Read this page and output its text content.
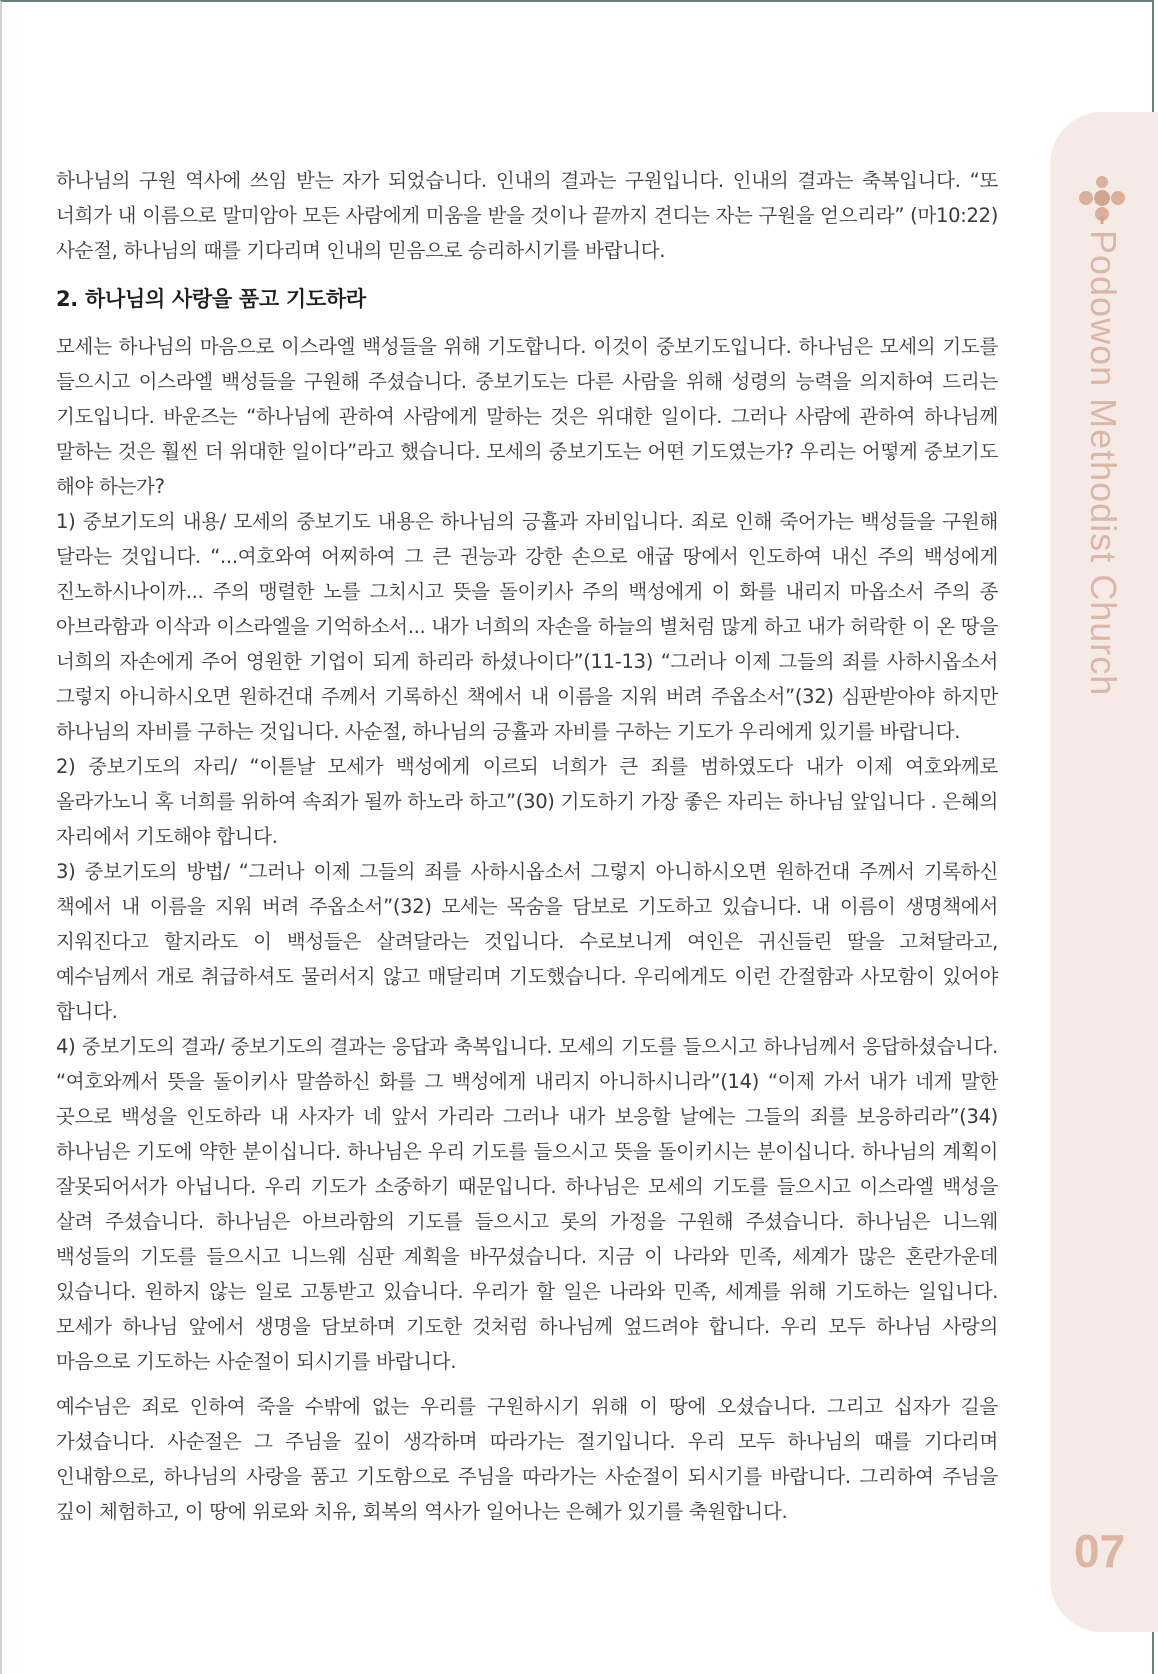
Podowon Methodist Church
07

하나님의 구원 역사에 쓰임 받는 자가 되었습니다. 인내의 결과는 구원입니다. 인내의 결과는 축복입니다. “또 너희가 내 이름으로 말미암아 모든 사람에게 미움을 받을 것이나 끝까지 견디는 자는 구원을 얻으리라” (마10:22) 사순절, 하나님의 때를 기다리며 인내의 믿음으로 승리하시기를 바랍니다.

2. 하나님의 사랑을 품고 기도하라

모세는 하나님의 마음으로 이스라엘 백성들을 위해 기도합니다. 이것이 중보기도입니다. 하나님은 모세의 기도를 들으시고 이스라엘 백성들을 구원해 주셨습니다. 중보기도는 다른 사람을 위해 성령의 능력을 의지하여 드리는 기도입니다. 바운즈는 “하나님에 관하여 사람에게 말하는 것은 위대한 일이다. 그러나 사람에 관하여 하나님께 말하는 것은 훨씬 더 위대한 일이다”라고 했습니다. 모세의 중보기도는 어떤 기도였는가? 우리는 어떻게 중보기도 해야 하는가?

1) 중보기도의 내용/ 모세의 중보기도 내용은 하나님의 긍휼과 자비입니다. 죄로 인해 죽어가는 백성들을 구원해 달라는 것입니다. “...여호와여 어찌하여 그 큰 권능과 강한 손으로 애굽 땅에서 인도하여 내신 주의 백성에게 진노하시나이까... 주의 맹렬한 노를 그치시고 뜻을 돌이키사 주의 백성에게 이 화를 내리지 마옵소서 주의 종 아브라함과 이삭과 이스라엘을 기억하소서... 내가 너희의 자손을 하늘의 별처럼 많게 하고 내가 허락한 이 온 땅을 너희의 자손에게 주어 영원한 기업이 되게 하리라 하셨나이다”(11-13) “그러나 이제 그들의 죄를 사하시옵소서 그렇지 아니하시오면 원하건대 주께서 기록하신 책에서 내 이름을 지워 버려 주옵소서”(32) 심판받아야 하지만 하나님의 자비를 구하는 것입니다. 사순절, 하나님의 긍휼과 자비를 구하는 기도가 우리에게 있기를 바랍니다.

2) 중보기도의 자리/ “이튿날 모세가 백성에게 이르되 너희가 큰 죄를 범하였도다 내가 이제 여호와께로 올라가노니 혹 너희를 위하여 속죄가 될까 하노라 하고”(30) 기도하기 가장 좋은 자리는 하나님 앞입니다 . 은혜의 자리에서 기도해야 합니다.

3) 중보기도의 방법/ “그러나 이제 그들의 죄를 사하시옵소서 그렇지 아니하시오면 원하건대 주께서 기록하신 책에서 내 이름을 지워 버려 주옵소서”(32) 모세는 목숨을 담보로 기도하고 있습니다. 내 이름이 생명책에서 지워진다고 할지라도 이 백성들은 살려달라는 것입니다. 수로보니게 여인은 귀신들린 딸을 고쳐달라고, 예수님께서 개로 취급하셔도 물러서지 않고 매달리며 기도했습니다. 우리에게도 이런 간절함과 사모함이 있어야 합니다.

4) 중보기도의 결과/ 중보기도의 결과는 응답과 축복입니다. 모세의 기도를 들으시고 하나님께서 응답하셨습니다. “여호와께서 뜻을 돌이키사 말씀하신 화를 그 백성에게 내리지 아니하시니라”(14) “이제 가서 내가 네게 말한 곳으로 백성을 인도하라 내 사자가 네 앞서 가리라 그러나 내가 보응할 날에는 그들의 죄를 보응하리라”(34) 하나님은 기도에 약한 분이십니다. 하나님은 우리 기도를 들으시고 뜻을 돌이키시는 분이십니다. 하나님의 계획이 잘못되어서가 아닙니다. 우리 기도가 소중하기 때문입니다. 하나님은 모세의 기도를 들으시고 이스라엘 백성을 살려 주셨습니다. 하나님은 아브라함의 기도를 들으시고 롯의 가정을 구원해 주셨습니다. 하나님은 니느웨 백성들의 기도를 들으시고 니느웨 심판 계획을 바꾸셨습니다. 지금 이 나라와 민족, 세계가 많은 혼란가운데 있습니다. 원하지 않는 일로 고통받고 있습니다. 우리가 할 일은 나라와 민족, 세계를 위해 기도하는 일입니다. 모세가 하나님 앞에서 생명을 담보하며 기도한 것처럼 하나님께 엎드려야 합니다. 우리 모두 하나님 사랑의 마음으로 기도하는 사순절이 되시기를 바랍니다.

예수님은 죄로 인하여 죽을 수밖에 없는 우리를 구원하시기 위해 이 땅에 오셨습니다. 그리고 십자가 길을 가셨습니다. 사순절은 그 주님을 깊이 생각하며 따라가는 절기입니다. 우리 모두 하나님의 때를 기다리며 인내함으로, 하나님의 사랑을 품고 기도함으로 주님을 따라가는 사순절이 되시기를 바랍니다. 그리하여 주님을 깊이 체험하고, 이 땅에 위로와 치유, 회복의 역사가 일어나는 은혜가 있기를 축원합니다.
